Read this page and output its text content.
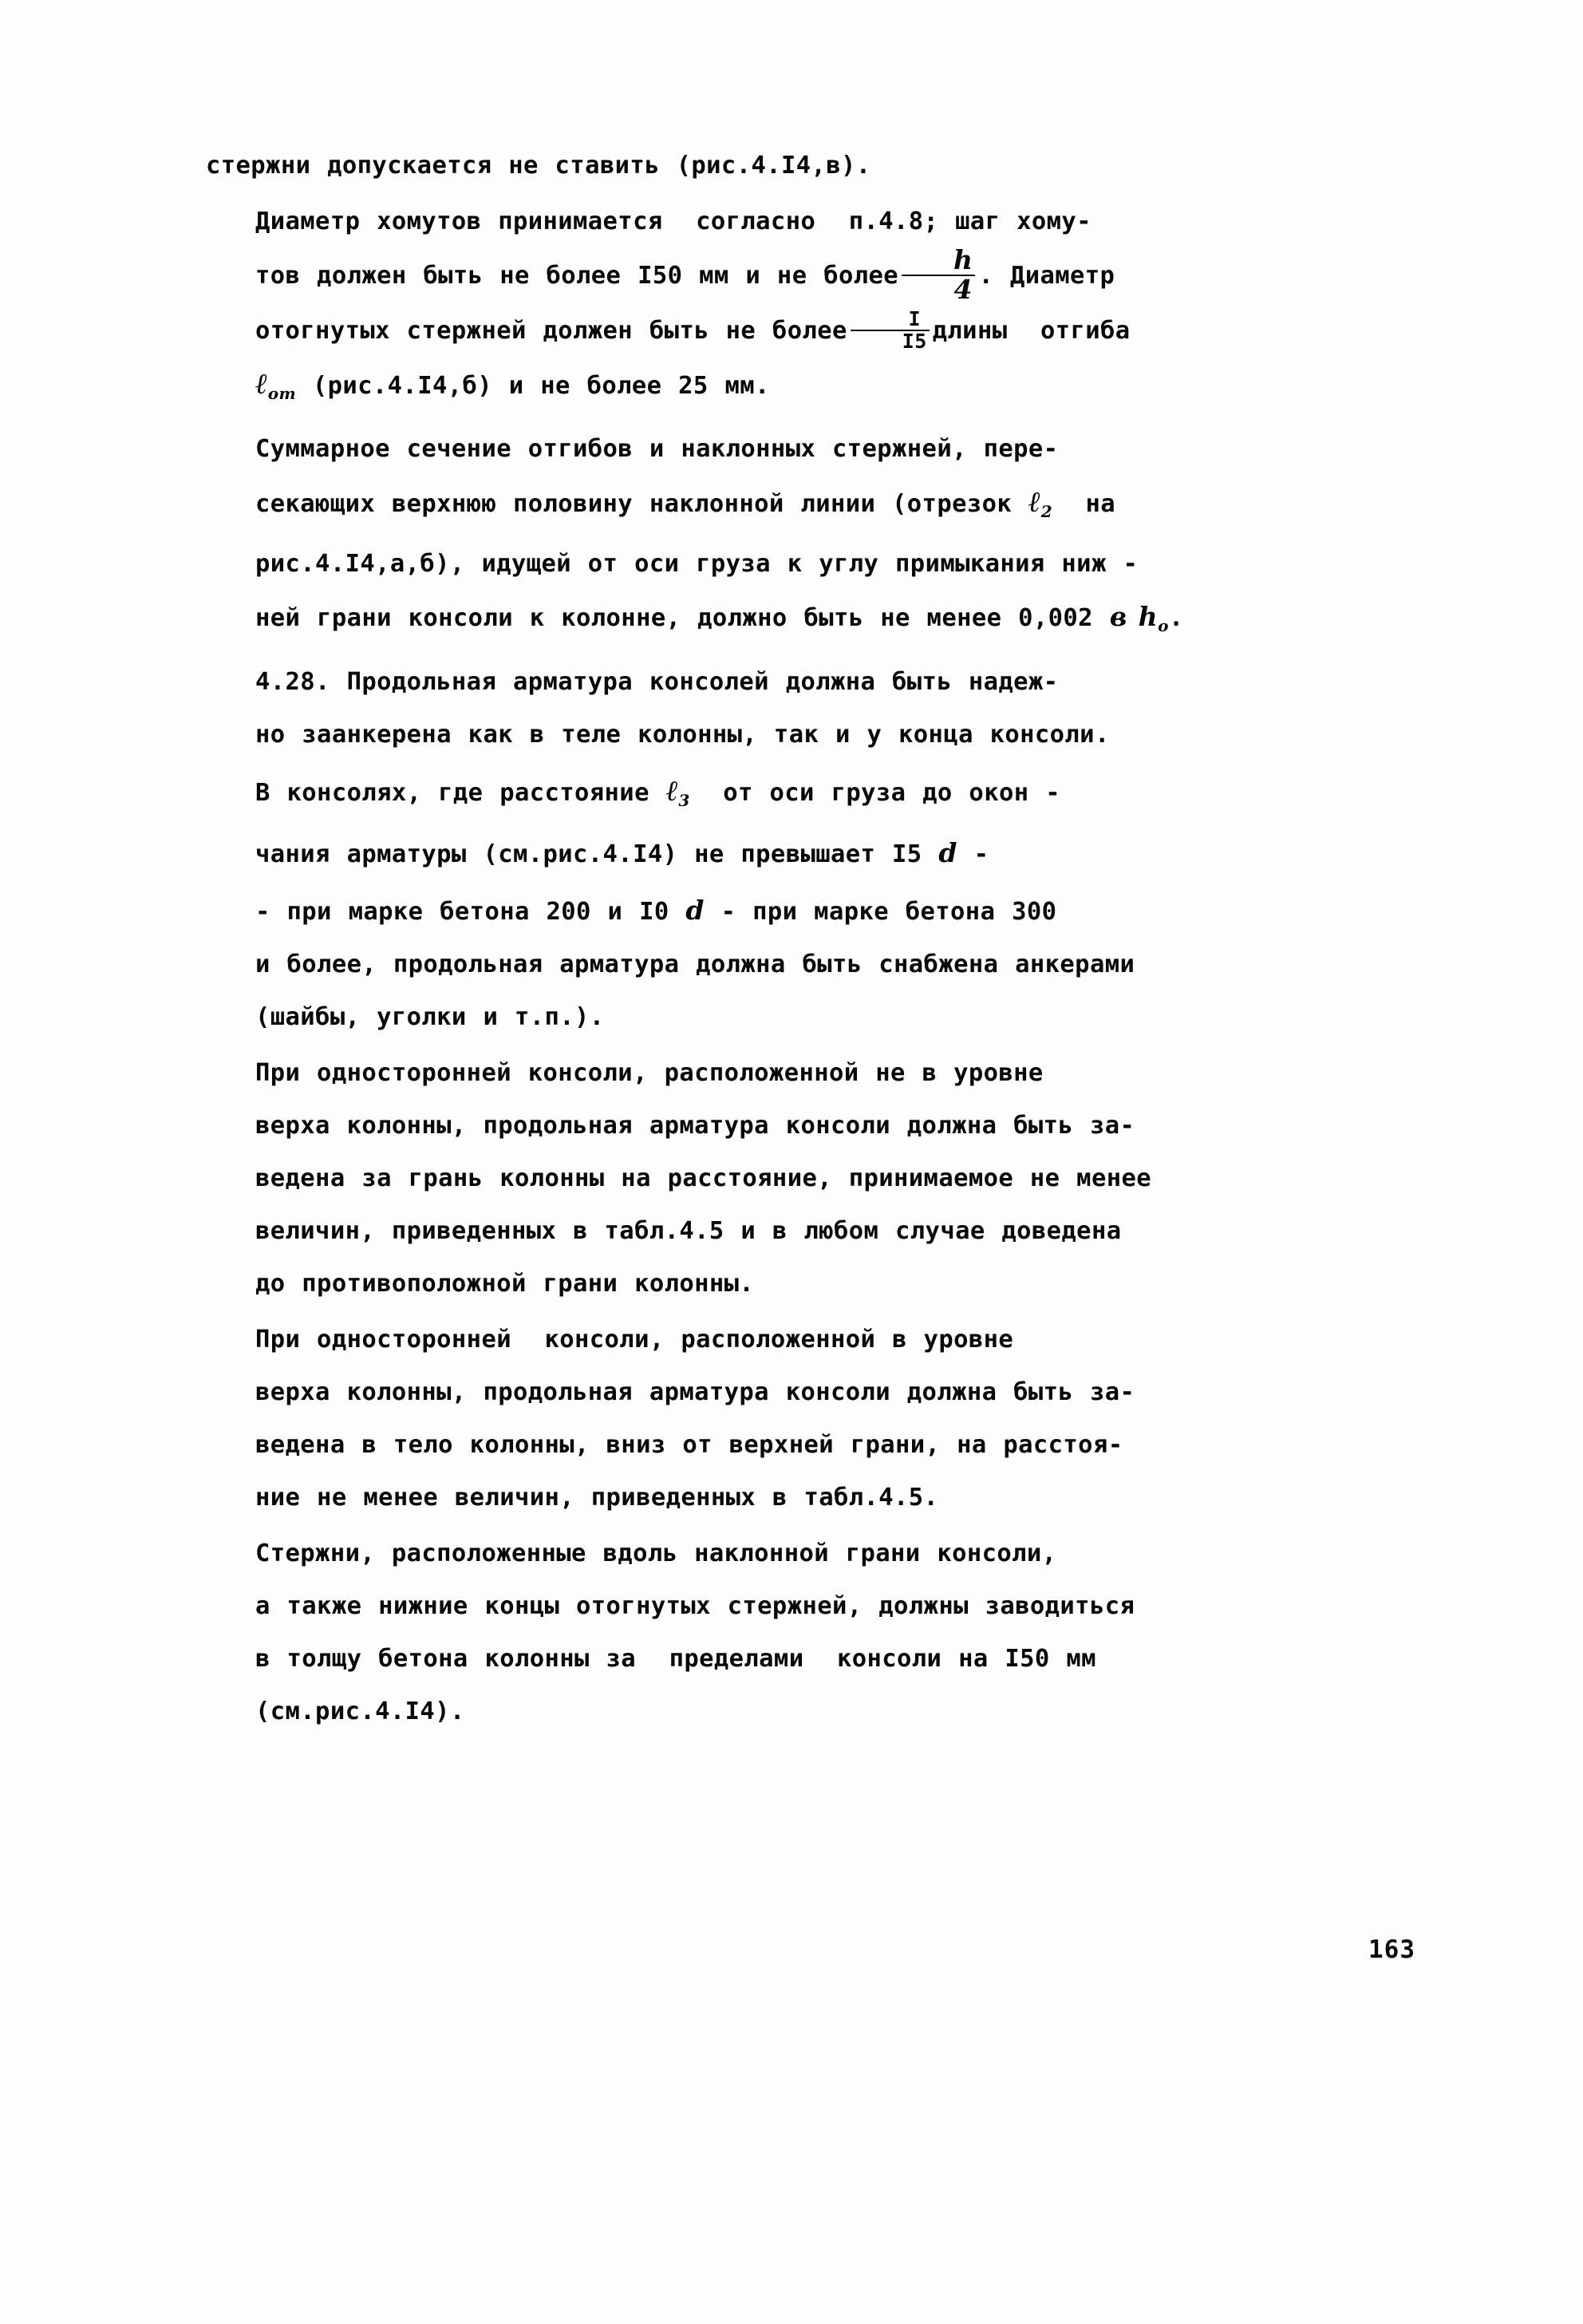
стержни допускается не ставить (рис.4.I4,в).

Диаметр хомутов принимается  согласно  п.4.8; шаг хому-
тов должен быть не более I50 мм и не более $\frac{h}{4}$ . Диаметр
отогнутых стержней должен быть не более $\frac{I}{I5}$ длины  отгиба
ℓ$_{от}$ (рис.4.I4,б) и не более 25 мм.

Суммарное сечение отгибов и наклонных стержней, пере-
секающих верхнюю половину наклонной линии (отрезок ℓ$_2$ на
рис.4.I4,а,б), идущей от оси груза к углу примыкания ниж -
ней грани консоли к колонне, должно быть не менее 0,002 в $h_о$.

4.28. Продольная арматура консолей должна быть надеж-
но заанкерена как в теле колонны, так и у конца консоли.

В консолях, где расстояние ℓ$_3$ от оси груза до окон -
чания арматуры (см.рис.4.I4) не превышает I5 d -

- при марке бетона 200 и I0 d - при марке бетона 300
и более, продольная арматура должна быть снабжена анкерами
(шайбы, уголки и т.п.).

При односторонней консоли, расположенной не в уровне
верха колонны, продольная арматура консоли должна быть за-
ведена за грань колонны на расстояние, принимаемое не менее
величин, приведенных в табл.4.5 и в любом случае доведена
до противоположной грани колонны.

При односторонней  консоли, расположенной в уровне
верха колонны, продольная арматура консоли должна быть за-
ведена в тело колонны, вниз от верхней грани, на расстоя-
ние не менее величин, приведенных в табл.4.5.

Стержни, расположенные вдоль наклонной грани консоли,
а также нижние концы отогнутых стержней, должны заводиться
в толщу бетона колонны за  пределами  консоли на I50 мм
(см.рис.4.I4).

163
